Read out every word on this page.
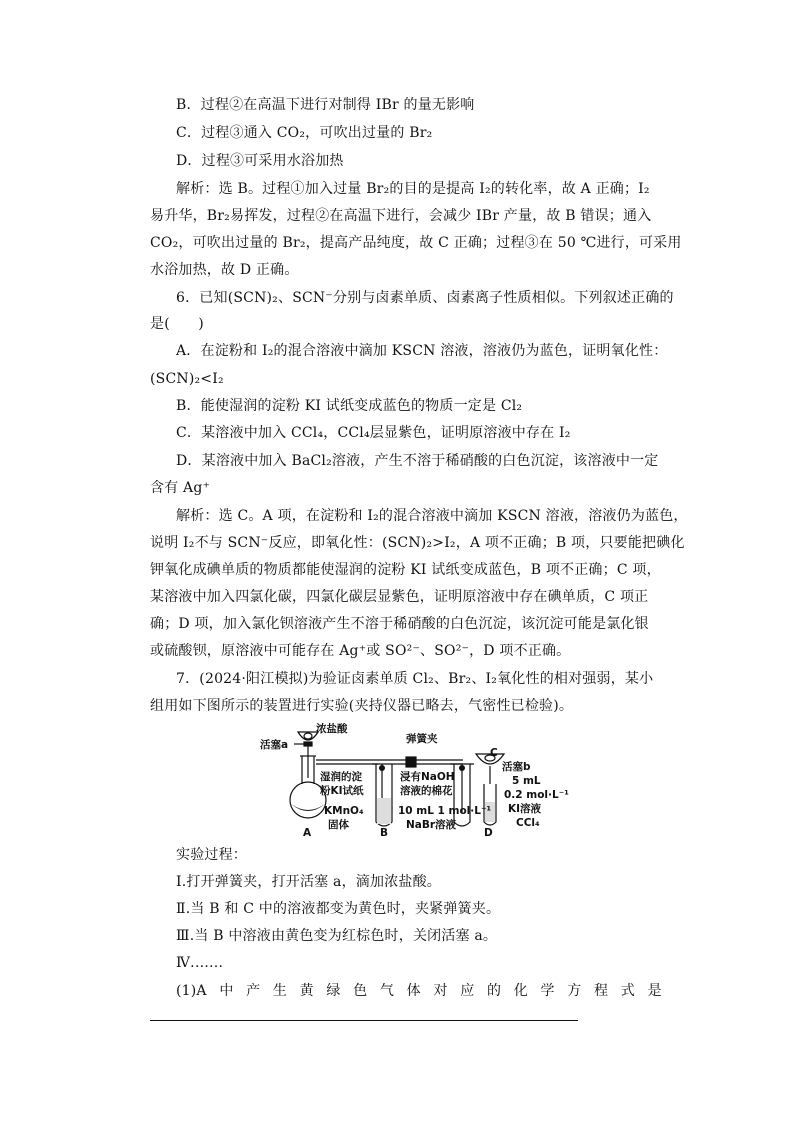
B．过程②在高温下进行对制得 IBr 的量无影响
C．过程③通入 CO₂，可吹出过量的 Br₂
D．过程③可采用水浴加热
解析：选 B。过程①加入过量 Br₂的目的是提高 I₂的转化率，故 A 正确；I₂
易升华，Br₂易挥发，过程②在高温下进行，会减少 IBr 产量，故 B 错误；通入
CO₂，可吹出过量的 Br₂，提高产品纯度，故 C 正确；过程③在 50 ℃进行，可采用
水浴加热，故 D 正确。
6．已知(SCN)₂、SCN⁻分别与卤素单质、卤素离子性质相似。下列叙述正确的
是(　　)
A．在淀粉和 I₂的混合溶液中滴加 KSCN 溶液，溶液仍为蓝色，证明氧化性：
(SCN)₂<I₂
B．能使湿润的淀粉 KI 试纸变成蓝色的物质一定是 Cl₂
C．某溶液中加入 CCl₄，CCl₄层显紫色，证明原溶液中存在 I₂
D．某溶液中加入 BaCl₂溶液，产生不溶于稀硝酸的白色沉淀，该溶液中一定
含有 Ag⁺
解析：选 C。A 项，在淀粉和 I₂的混合溶液中滴加 KSCN 溶液，溶液仍为蓝色，
说明 I₂不与 SCN⁻反应，即氧化性：(SCN)₂>I₂，A 项不正确；B 项，只要能把碘化
钾氧化成碘单质的物质都能使湿润的淀粉 KI 试纸变成蓝色，B 项不正确；C 项，
某溶液中加入四氯化碳，四氯化碳层显紫色，证明原溶液中存在碘单质，C 项正
确；D 项，加入氯化钡溶液产生不溶于稀硝酸的白色沉淀，该沉淀可能是氯化银
或硫酸钡，原溶液中可能存在 Ag⁺或 SO²⁻、SO²⁻，D 项不正确。
7．(2024·阳江模拟)为验证卤素单质 Cl₂、Br₂、I₂氧化性的相对强弱，某小
组用如下图所示的装置进行实验(夹持仪器已略去，气密性已检验)。
浓盐酸
活塞a	弹簧夹
C
活塞b
湿润的淀
粉KI试纸
浸有NaOH
溶液的棉花
5 mL
0.2 mol·L⁻¹
KI溶液
KMnO₄
固体
10 mL 1 mol·L⁻¹
NaBr溶液	CCl₄
A	B	D
实验过程：
Ⅰ.打开弹簧夹，打开活塞 a，滴加浓盐酸。
Ⅱ.当 B 和 C 中的溶液都变为黄色时，夹紧弹簧夹。
Ⅲ.当 B 中溶液由黄色变为红棕色时，关闭活塞 a。
Ⅳ.……
(1)A 中 产 生 黄 绿 色 气 体 对 应 的 化 学 方 程 式 是
